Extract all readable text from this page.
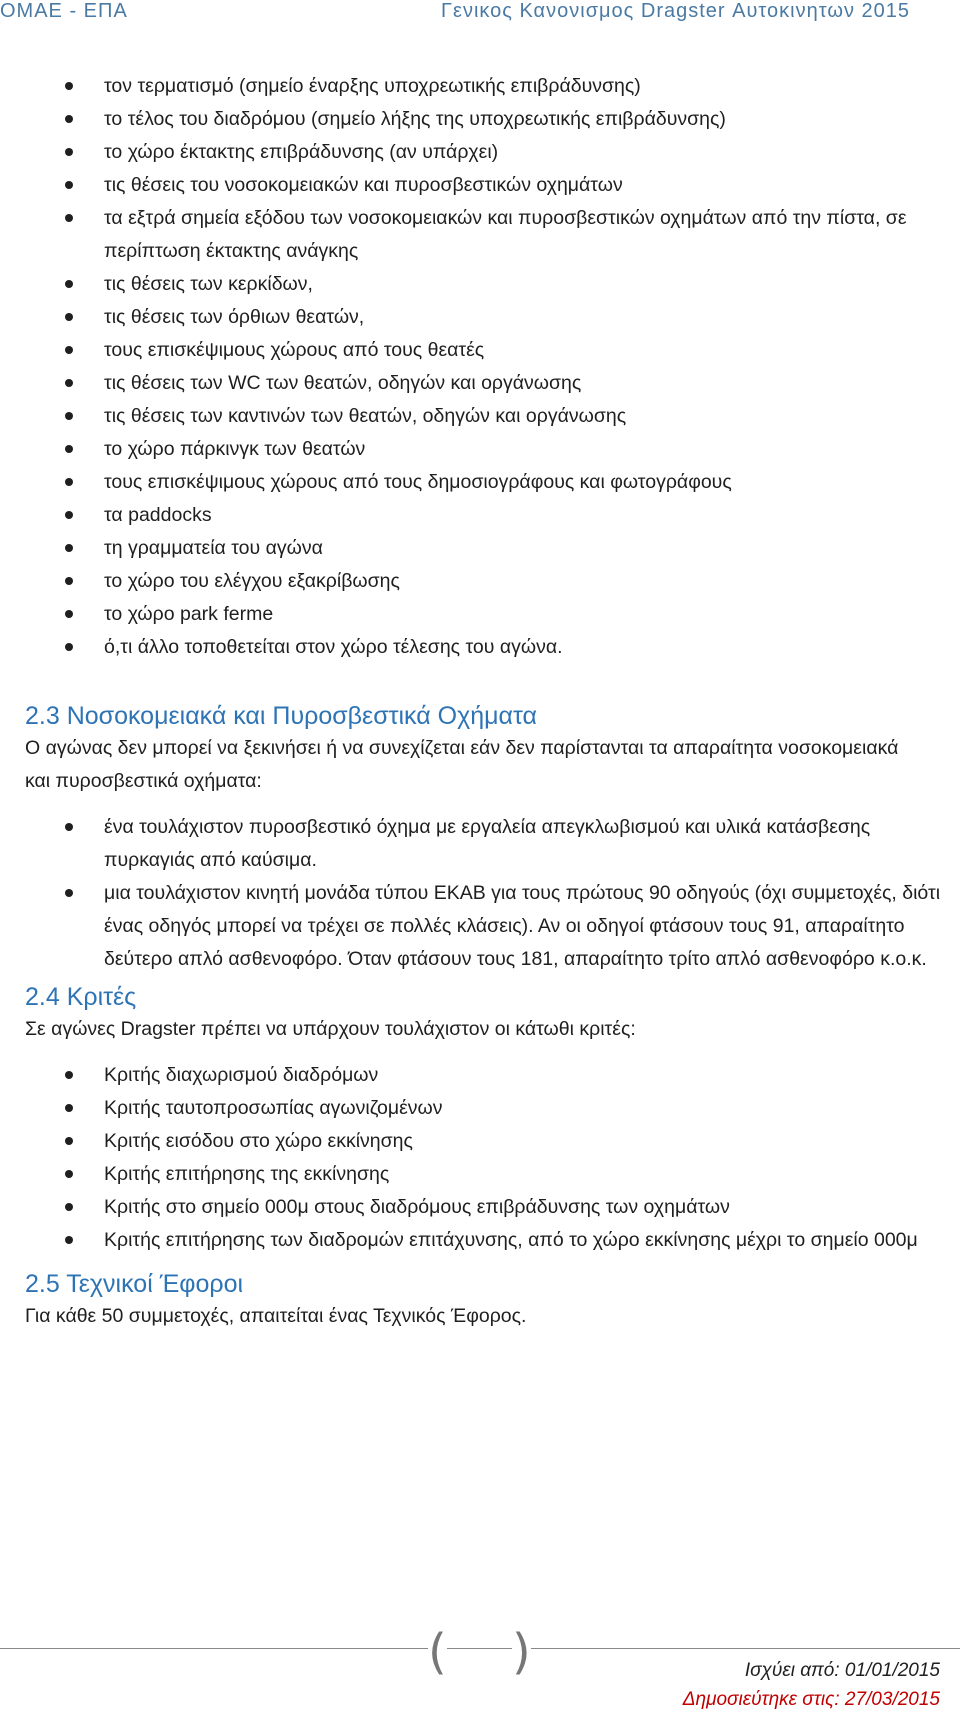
ΟΜΑΕ - ΕΠΑ	Γενικος Κανονισμος Dragster Αυτοκινητων 2015
τον τερματισμό (σημείο έναρξης υποχρεωτικής επιβράδυνσης)
το τέλος του διαδρόμου (σημείο λήξης της υποχρεωτικής επιβράδυνσης)
το χώρο έκτακτης επιβράδυνσης (αν υπάρχει)
τις θέσεις του νοσοκομειακών και πυροσβεστικών οχημάτων
τα εξτρά σημεία εξόδου των νοσοκομειακών και πυροσβεστικών οχημάτων από την πίστα, σε περίπτωση έκτακτης ανάγκης
τις θέσεις των κερκίδων,
τις θέσεις των όρθιων θεατών,
τους επισκέψιμους χώρους από τους θεατές
τις θέσεις των WC των θεατών, οδηγών και οργάνωσης
τις θέσεις των καντινών των θεατών, οδηγών και οργάνωσης
το χώρο πάρκινγκ των θεατών
τους επισκέψιμους χώρους από τους δημοσιογράφους και φωτογράφους
τα paddocks
τη γραμματεία του αγώνα
το χώρο του ελέγχου εξακρίβωσης
το χώρο park ferme
ό,τι άλλο τοποθετείται στον χώρο τέλεσης του αγώνα.
2.3 Νοσοκομειακά και Πυροσβεστικά Οχήματα

Ο αγώνας δεν μπορεί να ξεκινήσει ή να συνεχίζεται εάν δεν παρίστανται τα απαραίτητα νοσοκομειακά και πυροσβεστικά οχήματα:

ένα τουλάχιστον πυροσβεστικό όχημα με εργαλεία απεγκλωβισμού και υλικά κατάσβεσης πυρκαγιάς από καύσιμα.
μια τουλάχιστον κινητή μονάδα τύπου ΕΚΑΒ για τους πρώτους 90 οδηγούς (όχι συμμετοχές, διότι ένας οδηγός μπορεί να τρέχει σε πολλές κλάσεις). Αν οι οδηγοί φτάσουν τους 91, απαραίτητο δεύτερο απλό ασθενοφόρο. Όταν φτάσουν τους 181, απαραίτητο τρίτο απλό ασθενοφόρο κ.ο.κ.
2.4 Κριτές

Σε αγώνες Dragster πρέπει να υπάρχουν τουλάχιστον οι κάτωθι κριτές:

Κριτής διαχωρισμού διαδρόμων
Κριτής ταυτοπροσωπίας αγωνιζομένων
Κριτής εισόδου στο χώρο εκκίνησης
Κριτής επιτήρησης της εκκίνησης
Κριτής στο σημείο 000μ στους διαδρόμους επιβράδυνσης των οχημάτων
Κριτής επιτήρησης των διαδρομών επιτάχυνσης, από το χώρο εκκίνησης μέχρι το σημείο 000μ
2.5 Τεχνικοί Έφοροι

Για κάθε 50 συμμετοχές, απαιτείται ένας Τεχνικός Έφορος.

( )	Ισχύει από: 01/01/2015
Δημοσιεύτηκε στις: 27/03/2015
